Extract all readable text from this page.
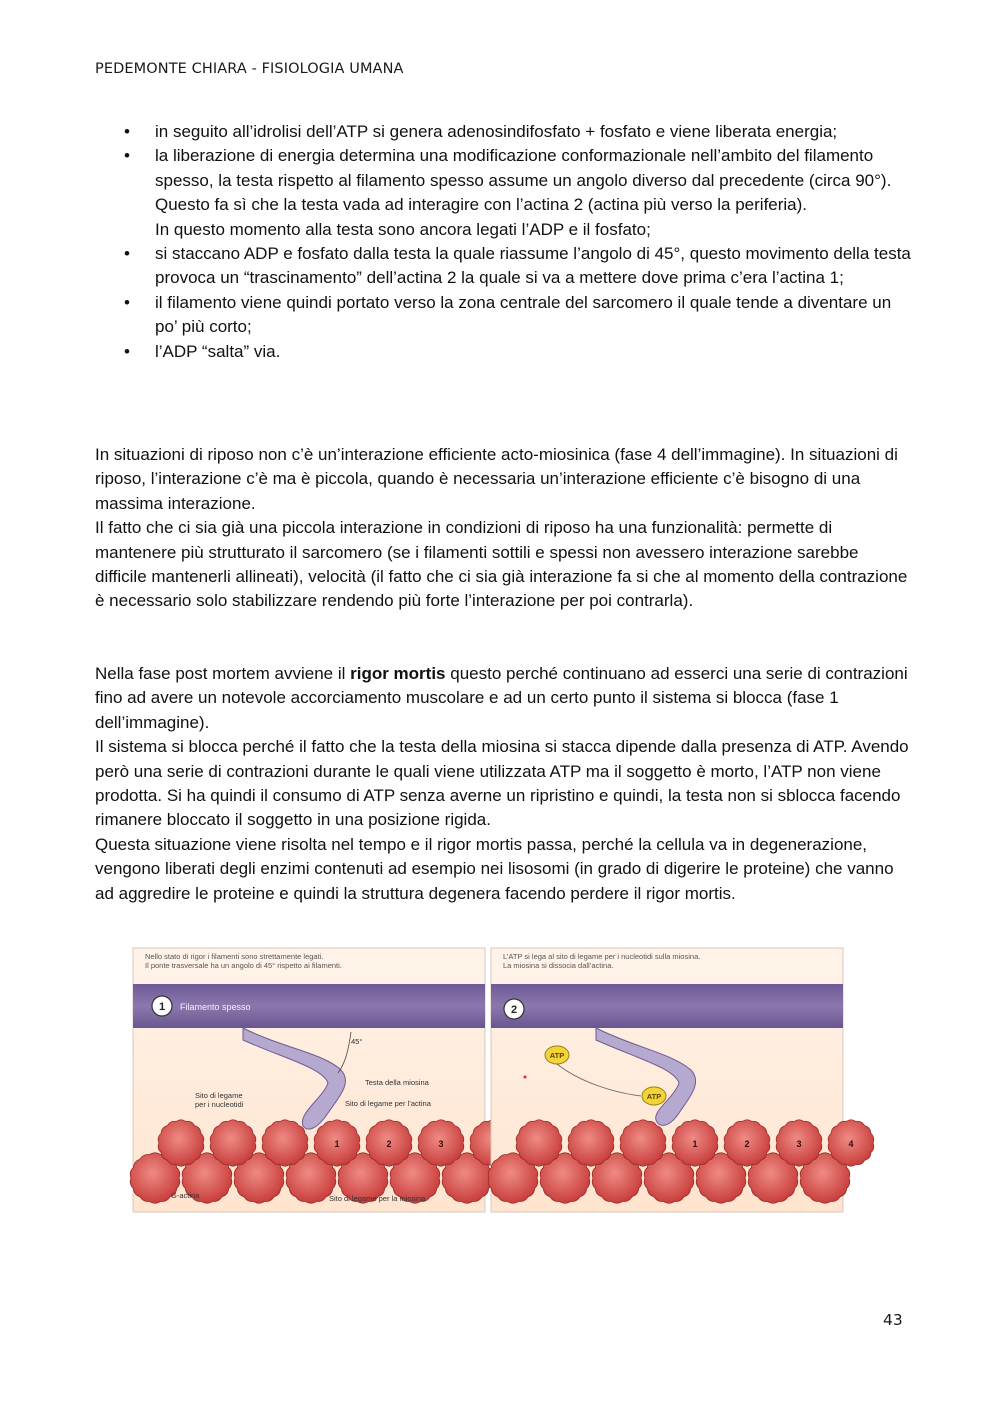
PEDEMONTE CHIARA - FISIOLOGIA UMANA
• in seguito all’idrolisi dell’ATP si genera adenosindifosfato + fosfato e viene liberata energia;
• la liberazione di energia determina una modificazione conformazionale nell’ambito del filamento spesso, la testa rispetto al filamento spesso assume un angolo diverso dal precedente (circa 90°). Questo fa sì che la testa vada ad interagire con l’actina 2 (actina più verso la periferia).
In questo momento alla testa sono ancora legati l’ADP e il fosfato;
• si staccano ADP e fosfato dalla testa la quale riassume l’angolo di 45°, questo movimento della testa provoca un “trascinamento” dell’actina 2 la quale si va a mettere dove prima c’era l’actina 1;
• il filamento viene quindi portato verso la zona centrale del sarcomero il quale tende a diventare un po’ più corto;
• l’ADP “salta” via.

In situazioni di riposo non c’è un’interazione efficiente acto-miosinica (fase 4 dell’immagine). In situazioni di riposo, l’interazione c’è ma è piccola, quando è necessaria un’interazione efficiente c’è bisogno di una massima interazione.

Il fatto che ci sia già una piccola interazione in condizioni di riposo ha una funzionalità: permette di mantenere più strutturato il sarcomero (se i filamenti sottili e spessi non avessero interazione sarebbe difficile mantenerli allineati), velocità (il fatto che ci sia già interazione fa si che al momento della contrazione è necessario solo stabilizzare rendendo più forte l’interazione per poi contrarla).

Nella fase post mortem avviene il rigor mortis questo perché continuano ad esserci una serie di contrazioni fino ad avere un notevole accorciamento muscolare e ad un certo punto il sistema si blocca (fase 1 dell’immagine).

Il sistema si blocca perché il fatto che la testa della miosina si stacca dipende dalla presenza di ATP. Avendo però una serie di contrazioni durante le quali viene utilizzata ATP ma il soggetto è morto, l’ATP non viene prodotta. Si ha quindi il consumo di ATP senza averne un ripristino e quindi, la testa non si sblocca facendo rimanere bloccato il soggetto in una posizione rigida.

Questa situazione viene risolta nel tempo e il rigor mortis passa, perché la cellula va in degenerazione, vengono liberati degli enzimi contenuti ad esempio nei lisosomi (in grado di digerire le proteine) che vanno ad aggredire le proteine e quindi la struttura degenera facendo perdere il rigor mortis.

Nello stato di rigor i filamenti sono strettamente legati.
Il ponte trasversale ha un angolo di 45° rispetto ai filamenti.
1 Filamento spesso
45°
Testa della miosina
Sito di legame per l’actina
Sito di legame
per i nucleotidi
1	2	3
G-actina	Sito di legame per la miosina
L’ATP si lega al sito di legame per i nucleotidi sulla miosina.
La miosina si dissocia dall’actina.
2
ATP
ATP
1	2	3	4
43
